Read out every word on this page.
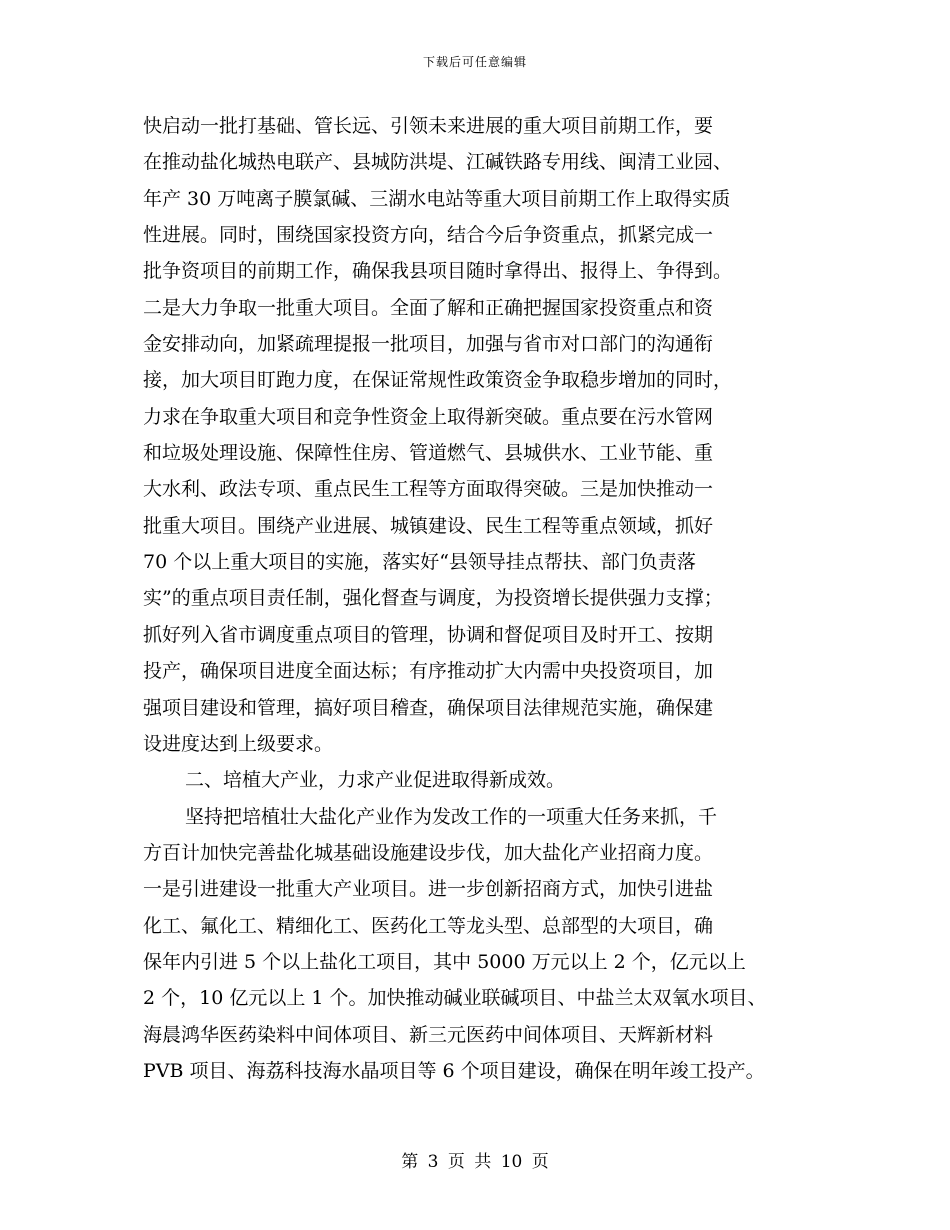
下载后可任意编辑
快启动一批打基础、管长远、引领未来进展的重大项目前期工作，要
在推动盐化城热电联产、县城防洪堤、江碱铁路专用线、闽清工业园、
年产 30 万吨离子膜氯碱、三湖水电站等重大项目前期工作上取得实质
性进展。同时，围绕国家投资方向，结合今后争资重点，抓紧完成一
批争资项目的前期工作，确保我县项目随时拿得出、报得上、争得到。
二是大力争取一批重大项目。全面了解和正确把握国家投资重点和资
金安排动向，加紧疏理提报一批项目，加强与省市对口部门的沟通衔
接，加大项目盯跑力度，在保证常规性政策资金争取稳步增加的同时，
力求在争取重大项目和竞争性资金上取得新突破。重点要在污水管网
和垃圾处理设施、保障性住房、管道燃气、县城供水、工业节能、重
大水利、政法专项、重点民生工程等方面取得突破。三是加快推动一
批重大项目。围绕产业进展、城镇建设、民生工程等重点领域，抓好
70 个以上重大项目的实施，落实好“县领导挂点帮扶、部门负责落
实”的重点项目责任制，强化督查与调度，为投资增长提供强力支撑；
抓好列入省市调度重点项目的管理，协调和督促项目及时开工、按期
投产，确保项目进度全面达标；有序推动扩大内需中央投资项目，加
强项目建设和管理，搞好项目稽查，确保项目法律规范实施，确保建
设进度达到上级要求。
二、培植大产业，力求产业促进取得新成效。
坚持把培植壮大盐化产业作为发改工作的一项重大任务来抓，千
方百计加快完善盐化城基础设施建设步伐，加大盐化产业招商力度。
一是引进建设一批重大产业项目。进一步创新招商方式，加快引进盐
化工、氟化工、精细化工、医药化工等龙头型、总部型的大项目，确
保年内引进 5 个以上盐化工项目，其中 5000 万元以上 2 个，亿元以上
2 个，10 亿元以上 1 个。加快推动碱业联碱项目、中盐兰太双氧水项目、
海晨鸿华医药染料中间体项目、新三元医药中间体项目、天辉新材料
PVB 项目、海荔科技海水晶项目等 6 个项目建设，确保在明年竣工投产。
第 3 页 共 10 页
